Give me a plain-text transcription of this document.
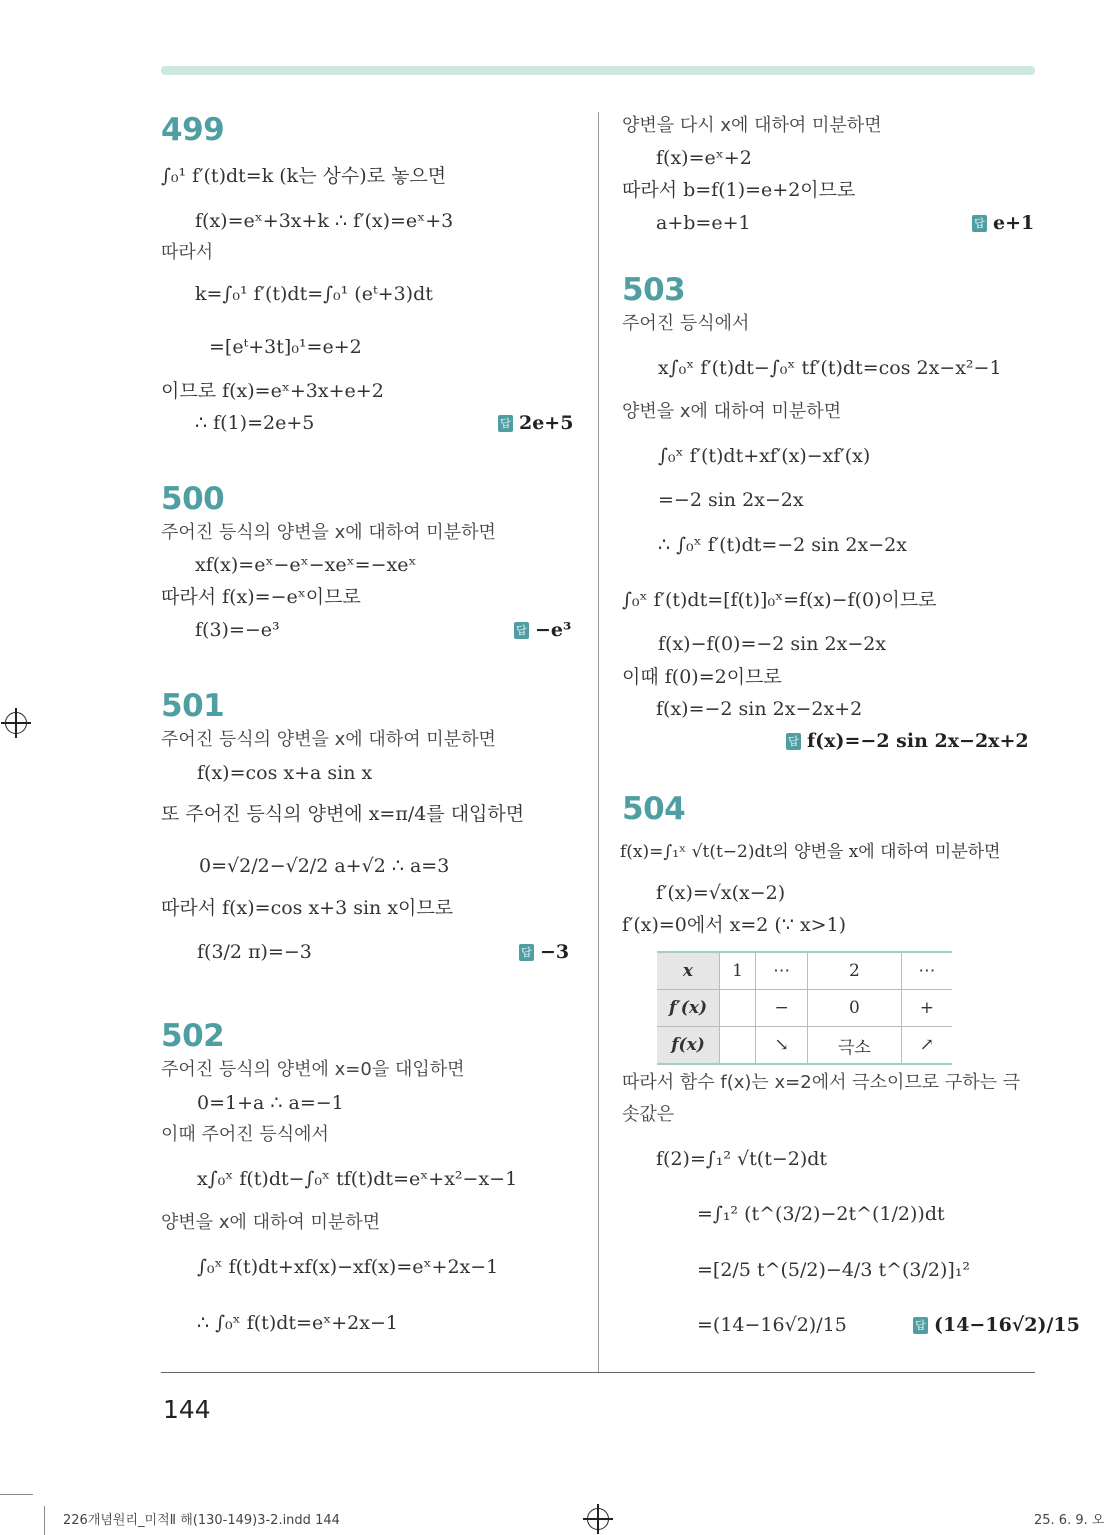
499
∫₀¹ f′(t)dt=k (k는 상수)로 놓으면
f(x)=eˣ+3x+k ∴ f′(x)=eˣ+3
따라서
k=∫₀¹ f′(t)dt=∫₀¹ (eᵗ+3)dt
=[eᵗ+3t]₀¹=e+2
이므로 f(x)=eˣ+3x+e+2
∴ f(1)=2e+5	답 2e+5
500
주어진 등식의 양변을 x에 대하여 미분하면
xf(x)=eˣ−eˣ−xeˣ=−xeˣ
따라서 f(x)=−eˣ이므로
f(3)=−e³	답 −e³
501
주어진 등식의 양변을 x에 대하여 미분하면
f(x)=cos x+a sin x
또 주어진 등식의 양변에 x=π/4를 대입하면
0=√2/2−√2/2 a+√2 ∴ a=3
따라서 f(x)=cos x+3 sin x이므로
f(3/2 π)=−3	답 −3
502
주어진 등식의 양변에 x=0을 대입하면
0=1+a ∴ a=−1
이때 주어진 등식에서
x∫₀ˣ f(t)dt−∫₀ˣ tf(t)dt=eˣ+x²−x−1
양변을 x에 대하여 미분하면
∫₀ˣ f(t)dt+xf(x)−xf(x)=eˣ+2x−1
∴ ∫₀ˣ f(t)dt=eˣ+2x−1
양변을 다시 x에 대하여 미분하면
f(x)=eˣ+2
따라서 b=f(1)=e+2이므로
a+b=e+1	답 e+1
503
주어진 등식에서
x∫₀ˣ f′(t)dt−∫₀ˣ tf′(t)dt=cos 2x−x²−1
양변을 x에 대하여 미분하면
∫₀ˣ f′(t)dt+xf′(x)−xf′(x)
=−2 sin 2x−2x
∴ ∫₀ˣ f′(t)dt=−2 sin 2x−2x
∫₀ˣ f′(t)dt=[f(t)]₀ˣ=f(x)−f(0)이므로
f(x)−f(0)=−2 sin 2x−2x
이때 f(0)=2이므로
f(x)=−2 sin 2x−2x+2
답 f(x)=−2 sin 2x−2x+2
504
f(x)=∫₁ˣ √t(t−2)dt의 양변을 x에 대하여 미분하면
f′(x)=√x(x−2)
f′(x)=0에서 x=2 (∵ x>1)
x	1	⋯	2	⋯
f′(x)		−	0	+
f(x)		↘	극소	↗
따라서 함수 f(x)는 x=2에서 극소이므로 구하는 극
솟값은
f(2)=∫₁² √t(t−2)dt
=∫₁² (t^(3/2)−2t^(1/2))dt
=[2/5 t^(5/2)−4/3 t^(3/2)]₁²
=(14−16√2)/15	답 (14−16√2)/15
144
226개념원리_미적Ⅱ 해(130-149)3-2.indd 144	25. 6. 9. 오
